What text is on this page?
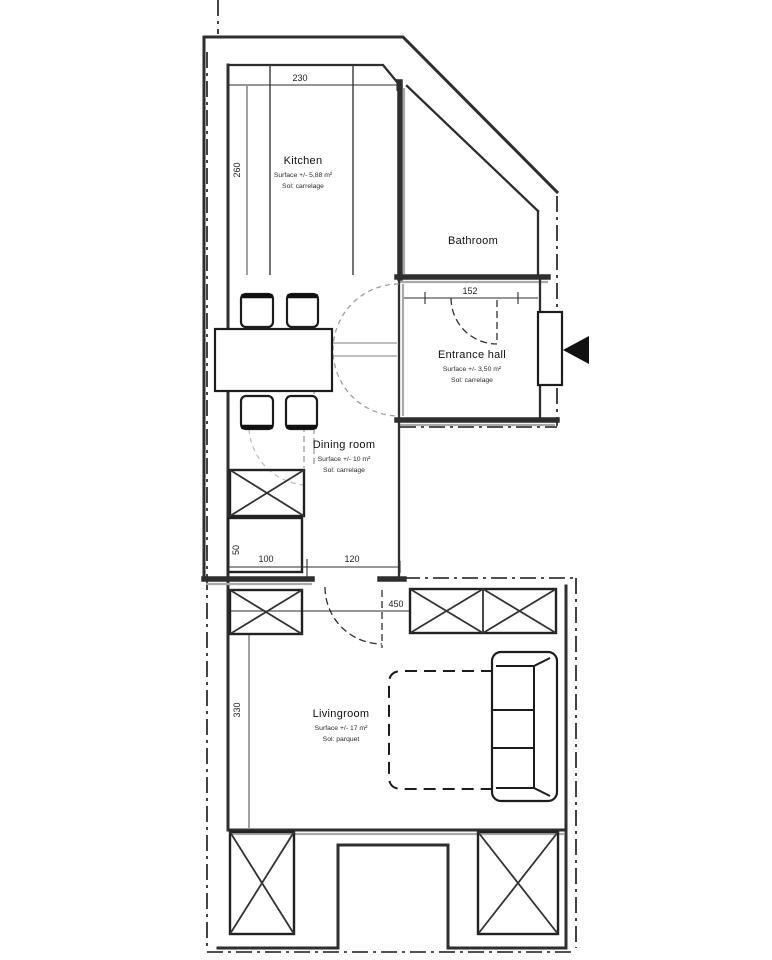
230
260
Kitchen
Surface +/- 5,88 m²
Sol: carrelage
Bathroom
152
Entrance hall
Surface +/- 3,50 m²
Sol: carrelage
50
100	120
Dining room
Surface +/- 10 m²
Sol: carrelage
450
330	Livingroom
Surface +/- 17 m²
Sol: parquet
